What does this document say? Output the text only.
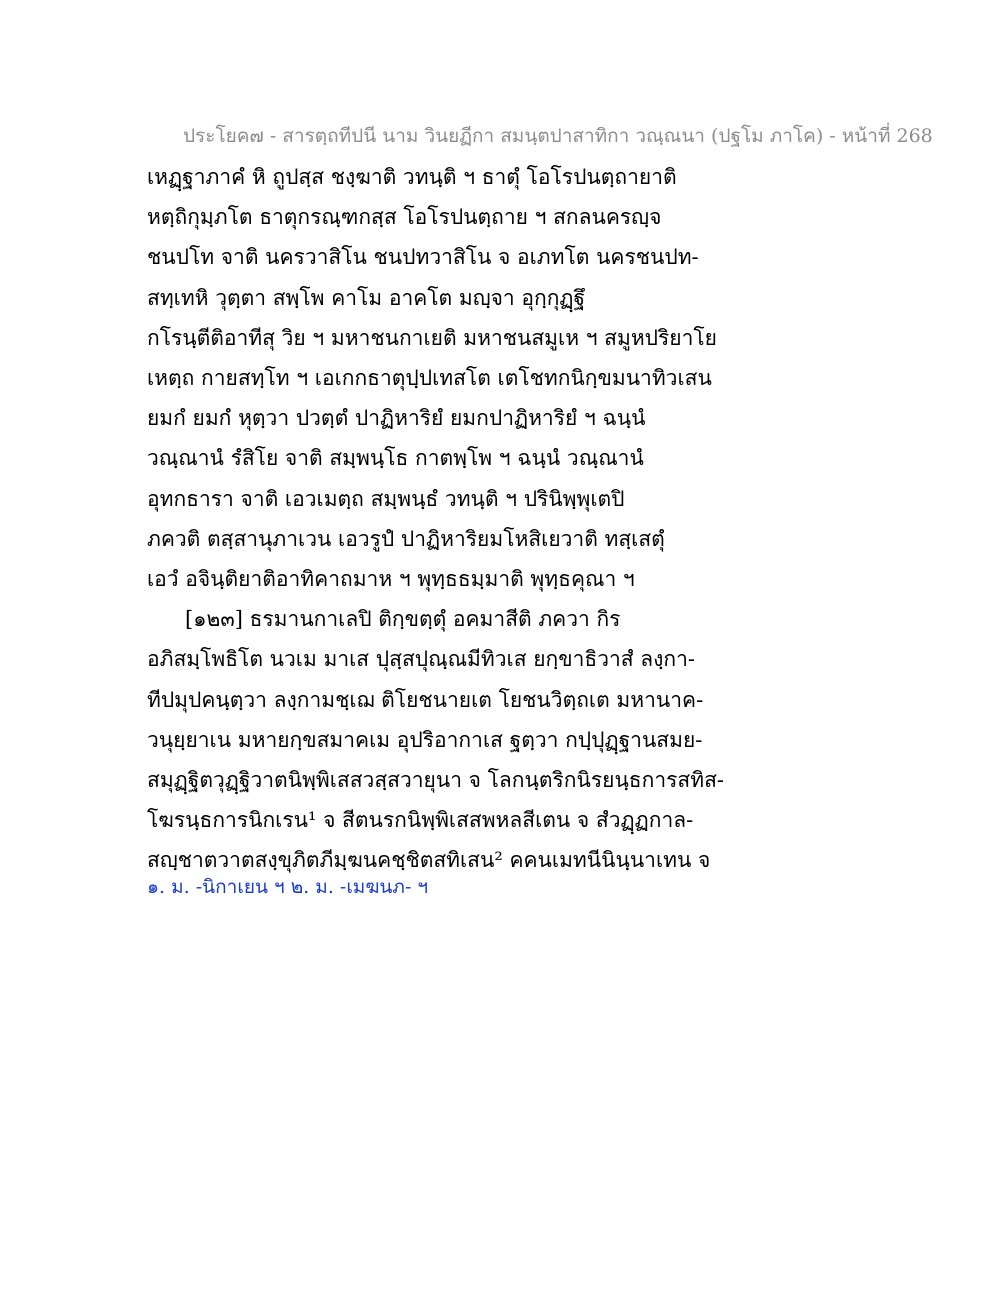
ประโยค๗ - สารตฺถทีปนี นาม วินยฏีกา สมนฺตปาสาทิกา วณฺณนา (ปฐโม ภาโค) - หน้าที่ 268
เหฏฺฐาภาคํ หิ ถูปสฺส ชงฺฆาติ วทนฺติ ฯ ธาตุํ โอโรปนตฺถายาติ
หตฺถิกุมฺภโต ธาตุกรณฺฑกสฺส โอโรปนตฺถาย ฯ สกลนครญฺจ
ชนปโท จาติ นครวาสิโน ชนปทวาสิโน จ อเภทโต นครชนปท-
สทฺเทหิ วุตฺตา สพฺโพ คาโม อาคโต มญฺจา อุกฺกุฏฺฐึ
กโรนฺตีติอาทีสุ วิย ฯ มหาชนกาเยติ มหาชนสมูเห ฯ สมูหปริยาโย
เหตฺถ กายสทฺโท ฯ เอเกกธาตุปฺปเทสโต เตโชทกนิกฺขมนาทิวเสน
ยมกํ ยมกํ หุตฺวา ปวตฺตํ ปาฏิหาริยํ ยมกปาฏิหาริยํ ฯ ฉนฺนํ
วณฺณานํ รํสิโย จาติ สมฺพนฺโธ กาตพฺโพ ฯ ฉนฺนํ วณฺณานํ
อุทกธารา จาติ เอวเมตฺถ สมฺพนฺธํ วทนฺติ ฯ ปรินิพฺพุเตปิ
ภควติ ตสฺสานุภาเวน เอวรูปํ ปาฏิหาริยมโหสิเยวาติ ทสฺเสตุํ
เอวํ อจินฺติยาติอาทิคาถมาห ฯ พุทฺธธมฺมาติ พุทฺธคุณา ฯ
[๑๒๓] ธรมานกาเลปิ ติกฺขตฺตุํ อคมาสีติ ภควา กิร
อภิสมฺโพธิโต นวเม มาเส ปุสฺสปุณฺณมีทิวเส ยกฺขาธิวาสํ ลงฺกา-
ทีปมุปคนฺตฺวา ลงฺกามชฺเฌ ติโยชนายเต โยชนวิตฺถเต มหานาค-
วนุยฺยาเน มหายกฺขสมาคเม อุปริอากาเส ฐตฺวา กปฺปุฏฺฐานสมย-
สมุฏฺฐิตวุฏฺฐิวาตนิพฺพิเสสวสฺสวายุนา จ โลกนฺตริกนิรยนฺธการสทิส-
โฆรนฺธการนิกเรน¹ จ สีตนรกนิพฺพิเสสพหลสีเตน จ สํวฏฺฏกาล-
สญฺชาตวาตสงฺขุภิตภีมฺฆนคชฺชิตสทิเสน² คคนเมทนีนินฺนาเทน จ
๑. ม. -นิกาเยน ฯ ๒. ม. -เมฆนภ- ฯ
